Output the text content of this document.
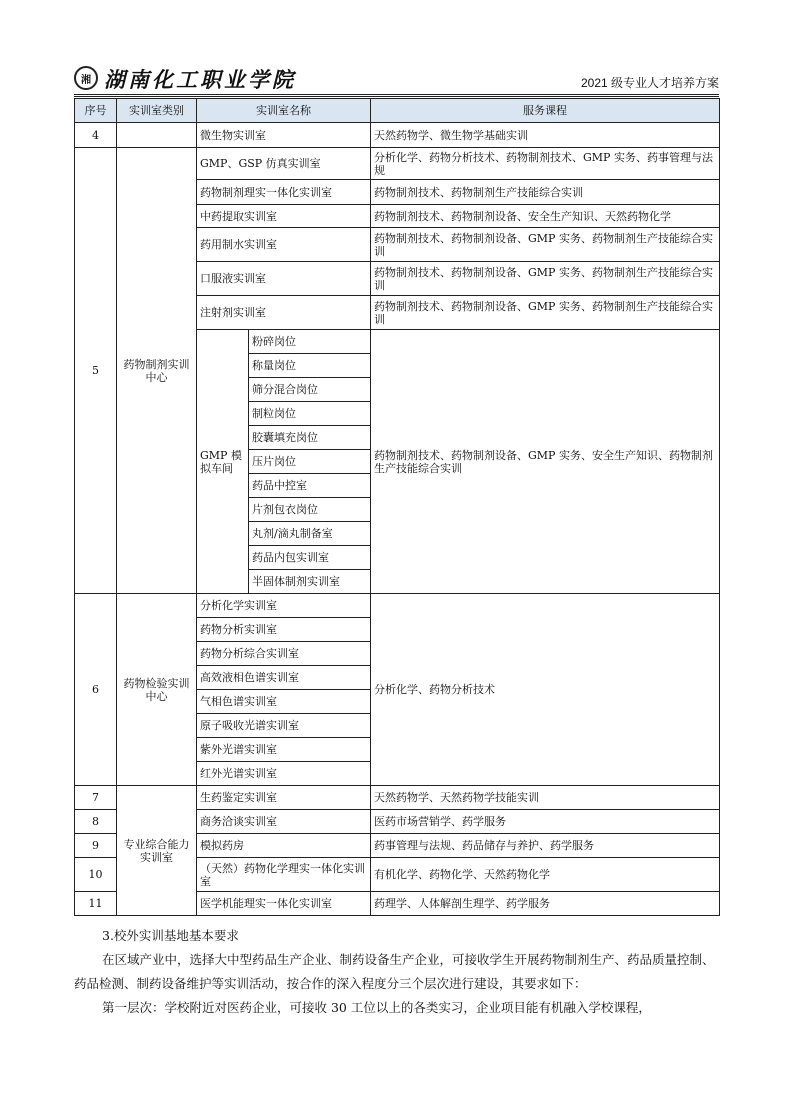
湘 湖南化工职业学院	2021 级专业人才培养方案
序号	实训室类别	实训室名称		服务课程
4		微生物实训室		天然药物学、微生物学基础实训
5	药物制剂实训中心	GMP、GSP 仿真实训室		分析化学、药物分析技术、药物制剂技术、GMP 实务、药事管理与法规
		药物制剂理实一体化实训室		药物制剂技术、药物制剂生产技能综合实训
		中药提取实训室		药物制剂技术、药物制剂设备、安全生产知识、天然药物化学
		药用制水实训室		药物制剂技术、药物制剂设备、GMP 实务、药物制剂生产技能综合实训
		口服液实训室		药物制剂技术、药物制剂设备、GMP 实务、药物制剂生产技能综合实训
		注射剂实训室		药物制剂技术、药物制剂设备、GMP 实务、药物制剂生产技能综合实训
		GMP 模拟车间	粉碎岗位	药物制剂技术、药物制剂设备、GMP 实务、安全生产知识、药物制剂生产技能综合实训
			称量岗位	
			筛分混合岗位	
			制粒岗位	
			胶囊填充岗位	
			压片岗位	
			药品中控室	
			片剂包衣岗位	
			丸剂/滴丸制备室	
			药品内包实训室	
			半固体制剂实训室	
6	药物检验实训中心	分析化学实训室		分析化学、药物分析技术
		药物分析实训室		
		药物分析综合实训室		
		高效液相色谱实训室		
		气相色谱实训室		
		原子吸收光谱实训室		
		紫外光谱实训室		
		红外光谱实训室		
7	专业综合能力实训室	生药鉴定实训室		天然药物学、天然药物学技能实训
8		商务洽谈实训室		医药市场营销学、药学服务
9		模拟药房		药事管理与法规、药品储存与养护、药学服务
10		（天然）药物化学理实一体化实训室		有机化学、药物化学、天然药物化学
11		医学机能理实一体化实训室		药理学、人体解剖生理学、药学服务
3.校外实训基地基本要求
在区域产业中，选择大中型药品生产企业、制药设备生产企业，可接收学生开展药物制剂生产、药品质量控制、药品检测、制药设备维护等实训活动，按合作的深入程度分三个层次进行建设，其要求如下：
第一层次：学校附近对医药企业，可接收 30 工位以上的各类实习，企业项目能有机融入学校课程，
